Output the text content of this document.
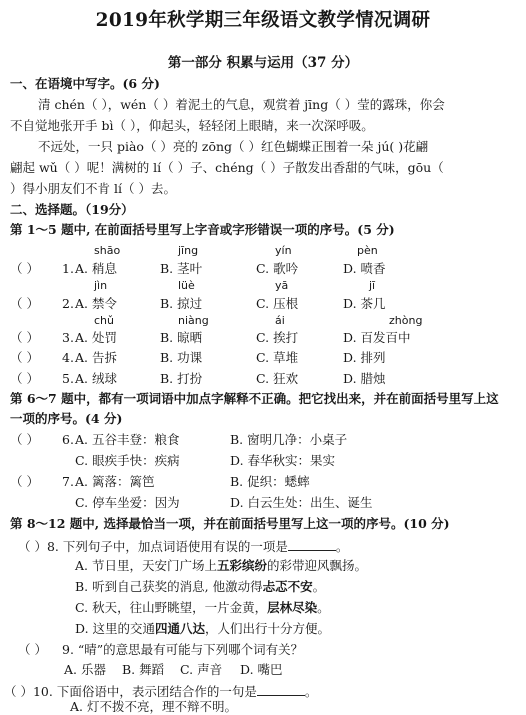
2019年秋学期三年级语文教学情况调研
第一部分 积累与运用（37 分）
一、在语境中写字。(6 分)
清 chén（ ），wén（ ）着泥土的气息，观赏着 jīng（ ）莹的露珠，你会
不自觉地张开手 bì（ ），仰起头，轻轻闭上眼睛，来一次深呼吸。
不远处，一只 piào（ ）亮的 zōng（ ）红色蝴蝶正围着一朵 jú( )花翩
翩起 wǔ（ ）呢！满树的 lí（ ）子、chéng（ ）子散发出香甜的气味，gōu（
）得小朋友们不肯 lí（ ）去。
二、选择题。（19分）
第 1～5 题中, 在前面括号里写上字音或字形错误一项的序号。(5 分)
shāo	jīng	yín	pèn
（ ） 1. A. 稍息	B. 茎叶	C. 歌吟	D. 喷香
jìn	lüè	yā	jī
（ ） 2. A. 禁令	B. 掠过	C. 压根	D. 茶几
chǔ	niàng	ái	zhòng
（ ） 3. A. 处罚	B. 晾晒	C. 挨打	D. 百发百中
（ ） 4. A. 告拆	B. 功课	C. 草堆	D. 排列
（ ） 5. A. 绒球	B. 打扮	C. 狂欢	D. 腊烛
第 6～7 题中，都有一项词语中加点字解释不正确。把它找出来，并在前面括号里写上这
一项的序号。(4 分)
（ ） 6. A. 五谷丰登：粮食	B. 窗明几净：小桌子
C. 眼疾手快：疾病	D. 春华秋实：果实
（ ） 7. A. 篱落：篱笆	B. 促织：蟋蟀
C. 停车坐爱：因为	D. 白云生处：出生、诞生
第 8～12 题中, 选择最恰当一项，并在前面括号里写上这一项的序号。(10 分)
（ ）8. 下列句子中，加点词语使用有误的一项是	。
A. 节日里，天安门广场上五彩缤纷的彩带迎风飘扬。
B. 听到自己获奖的消息, 他激动得忐忑不安。
C. 秋天，往山野眺望，一片金黄，层林尽染。
D. 这里的交通四通八达，人们出行十分方便。
（ ） 9. “晴”的意思最有可能与下列哪个词有关？
A. 乐器 B. 舞蹈 C. 声音 D. 嘴巴
（ ）10. 下面俗语中，表示团结合作的一句是	。
A. 灯不拨不亮，理不辩不明。
